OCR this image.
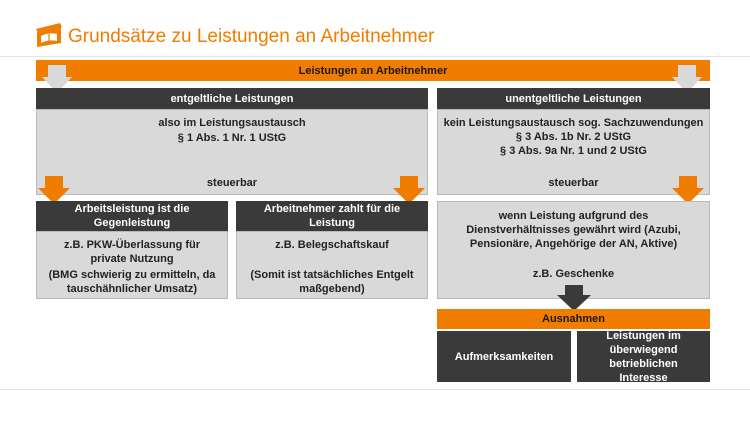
Grundsätze zu Leistungen an Arbeitnehmer
Leistungen an Arbeitnehmer
entgeltliche Leistungen
also im Leistungsaustausch
§ 1 Abs. 1 Nr. 1 UStG
steuerbar
unentgeltliche Leistungen
kein Leistungsaustausch sog. Sachzuwendungen
§ 3 Abs. 1b Nr. 2 UStG
§ 3 Abs. 9a Nr. 1 und 2 UStG
steuerbar
Arbeitsleistung ist die Gegenleistung
z.B. PKW-Überlassung für private Nutzung
(BMG schwierig zu ermitteln, da tauschähnlicher Umsatz)
Arbeitnehmer zahlt für die Leistung
z.B. Belegschaftskauf
(Somit ist tatsächliches Entgelt maßgebend)
wenn Leistung aufgrund des Dienstverhältnisses gewährt wird (Azubi, Pensionäre, Angehörige der AN, Aktive)
z.B. Geschenke
Ausnahmen
Aufmerksamkeiten
Leistungen im überwiegend betrieblichen Interesse
